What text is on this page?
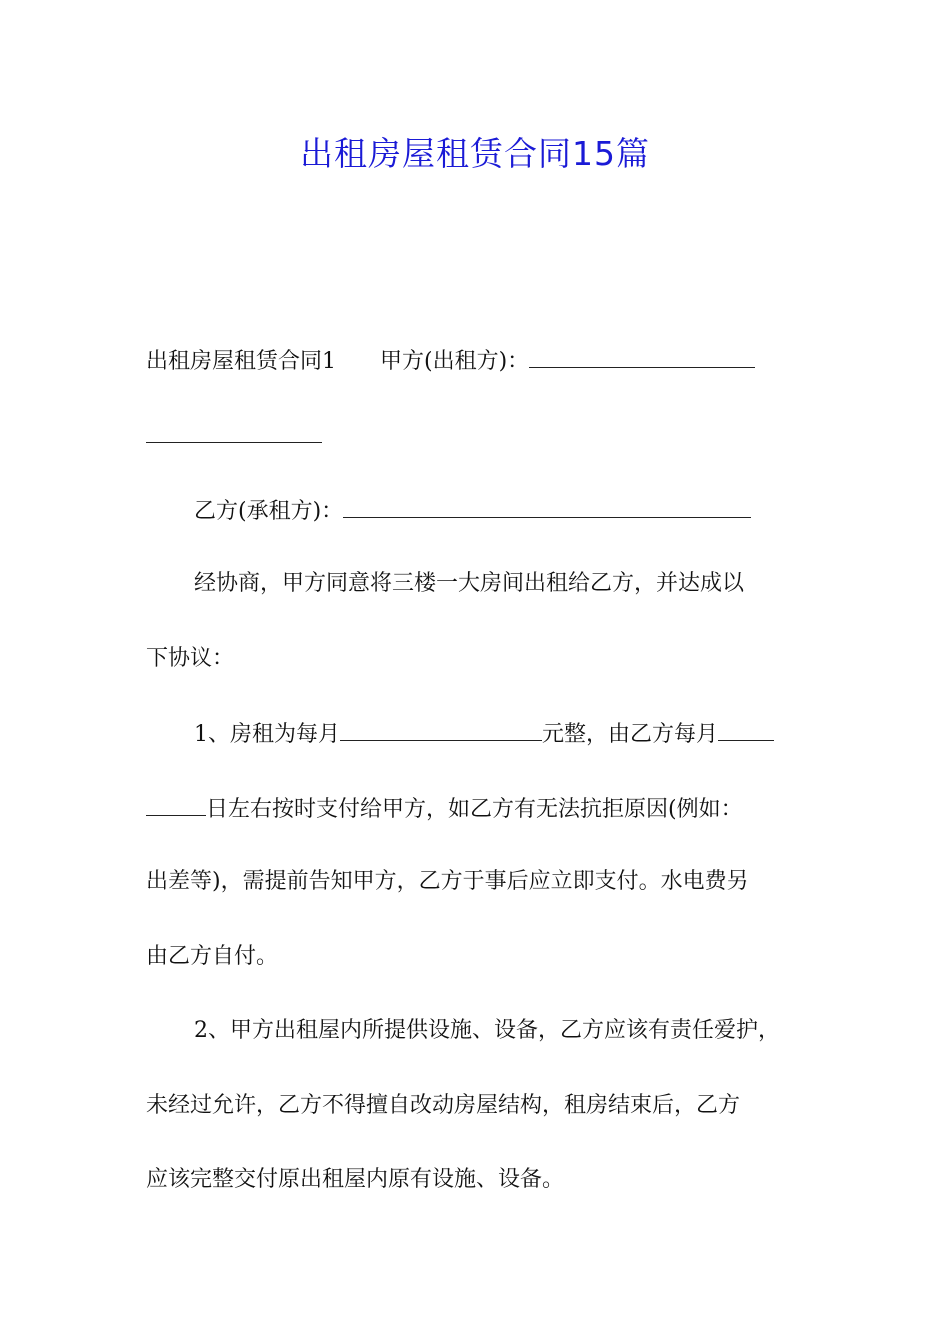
出租房屋租赁合同15篇
出租房屋租赁合同1 甲方(出租方)：
乙方(承租方)：
经协商，甲方同意将三楼一大房间出租给乙方，并达成以
下协议：
1、房租为每月	元整，由乙方每月
日左右按时支付给甲方，如乙方有无法抗拒原因(例如：
出差等)，需提前告知甲方，乙方于事后应立即支付。水电费另
由乙方自付。
2、甲方出租屋内所提供设施、设备，乙方应该有责任爱护，
未经过允许，乙方不得擅自改动房屋结构，租房结束后，乙方
应该完整交付原出租屋内原有设施、设备。
